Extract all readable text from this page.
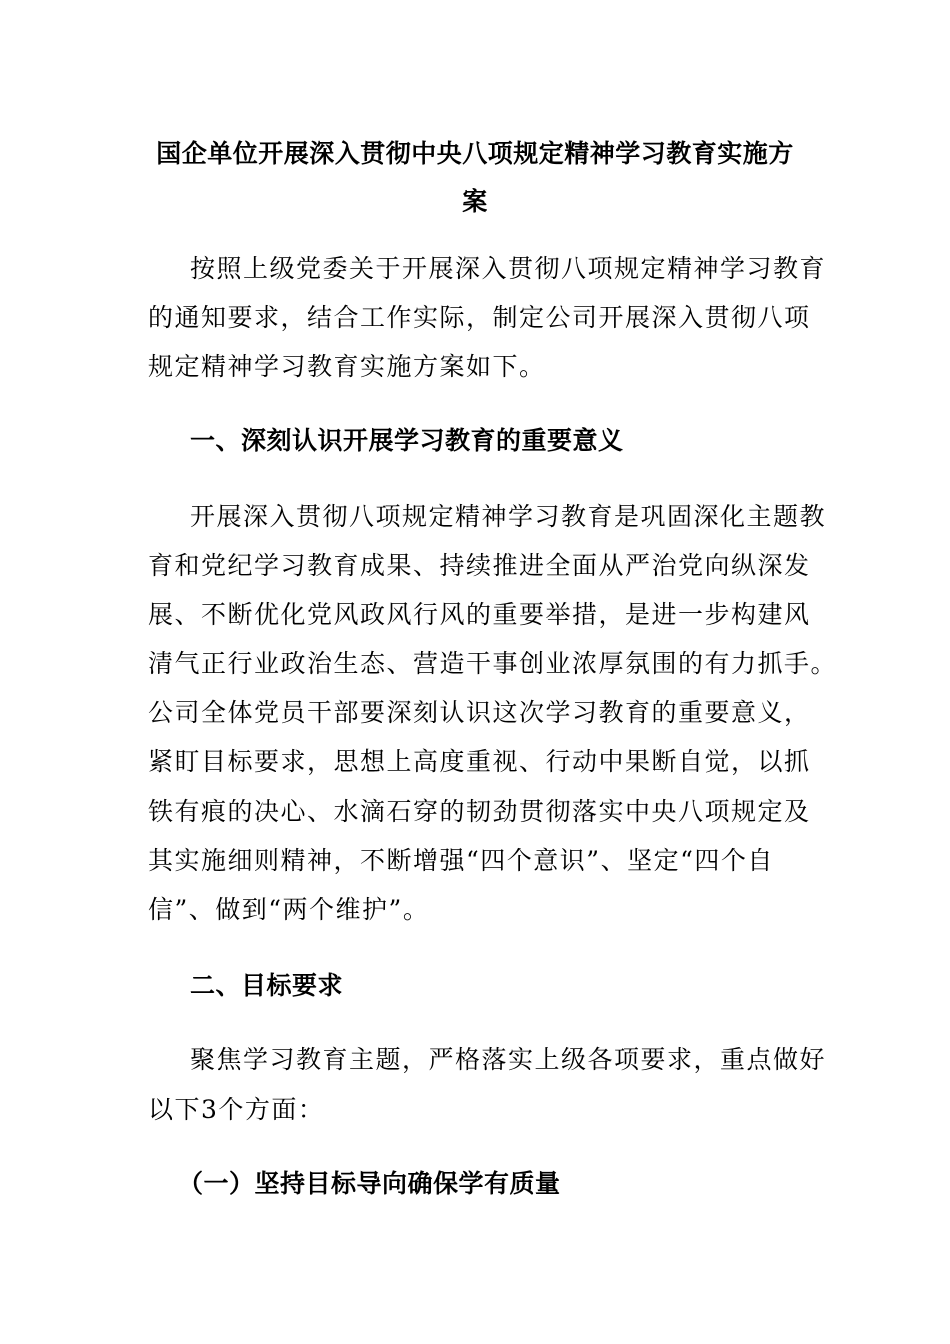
国企单位开展深入贯彻中央八项规定精神学习教育实施方
案
按照上级党委关于开展深入贯彻八项规定精神学习教育
的通知要求，结合工作实际，制定公司开展深入贯彻八项
规定精神学习教育实施方案如下。
一、深刻认识开展学习教育的重要意义
开展深入贯彻八项规定精神学习教育是巩固深化主题教
育和党纪学习教育成果、持续推进全面从严治党向纵深发
展、不断优化党风政风行风的重要举措，是进一步构建风
清气正行业政治生态、营造干事创业浓厚氛围的有力抓手。
公司全体党员干部要深刻认识这次学习教育的重要意义，
紧盯目标要求，思想上高度重视、行动中果断自觉，以抓
铁有痕的决心、水滴石穿的韧劲贯彻落实中央八项规定及
其实施细则精神，不断增强“四个意识”、坚定“四个自
信”、做到“两个维护”。
二、目标要求
聚焦学习教育主题，严格落实上级各项要求，重点做好
以下3个方面：
（一）坚持目标导向确保学有质量
